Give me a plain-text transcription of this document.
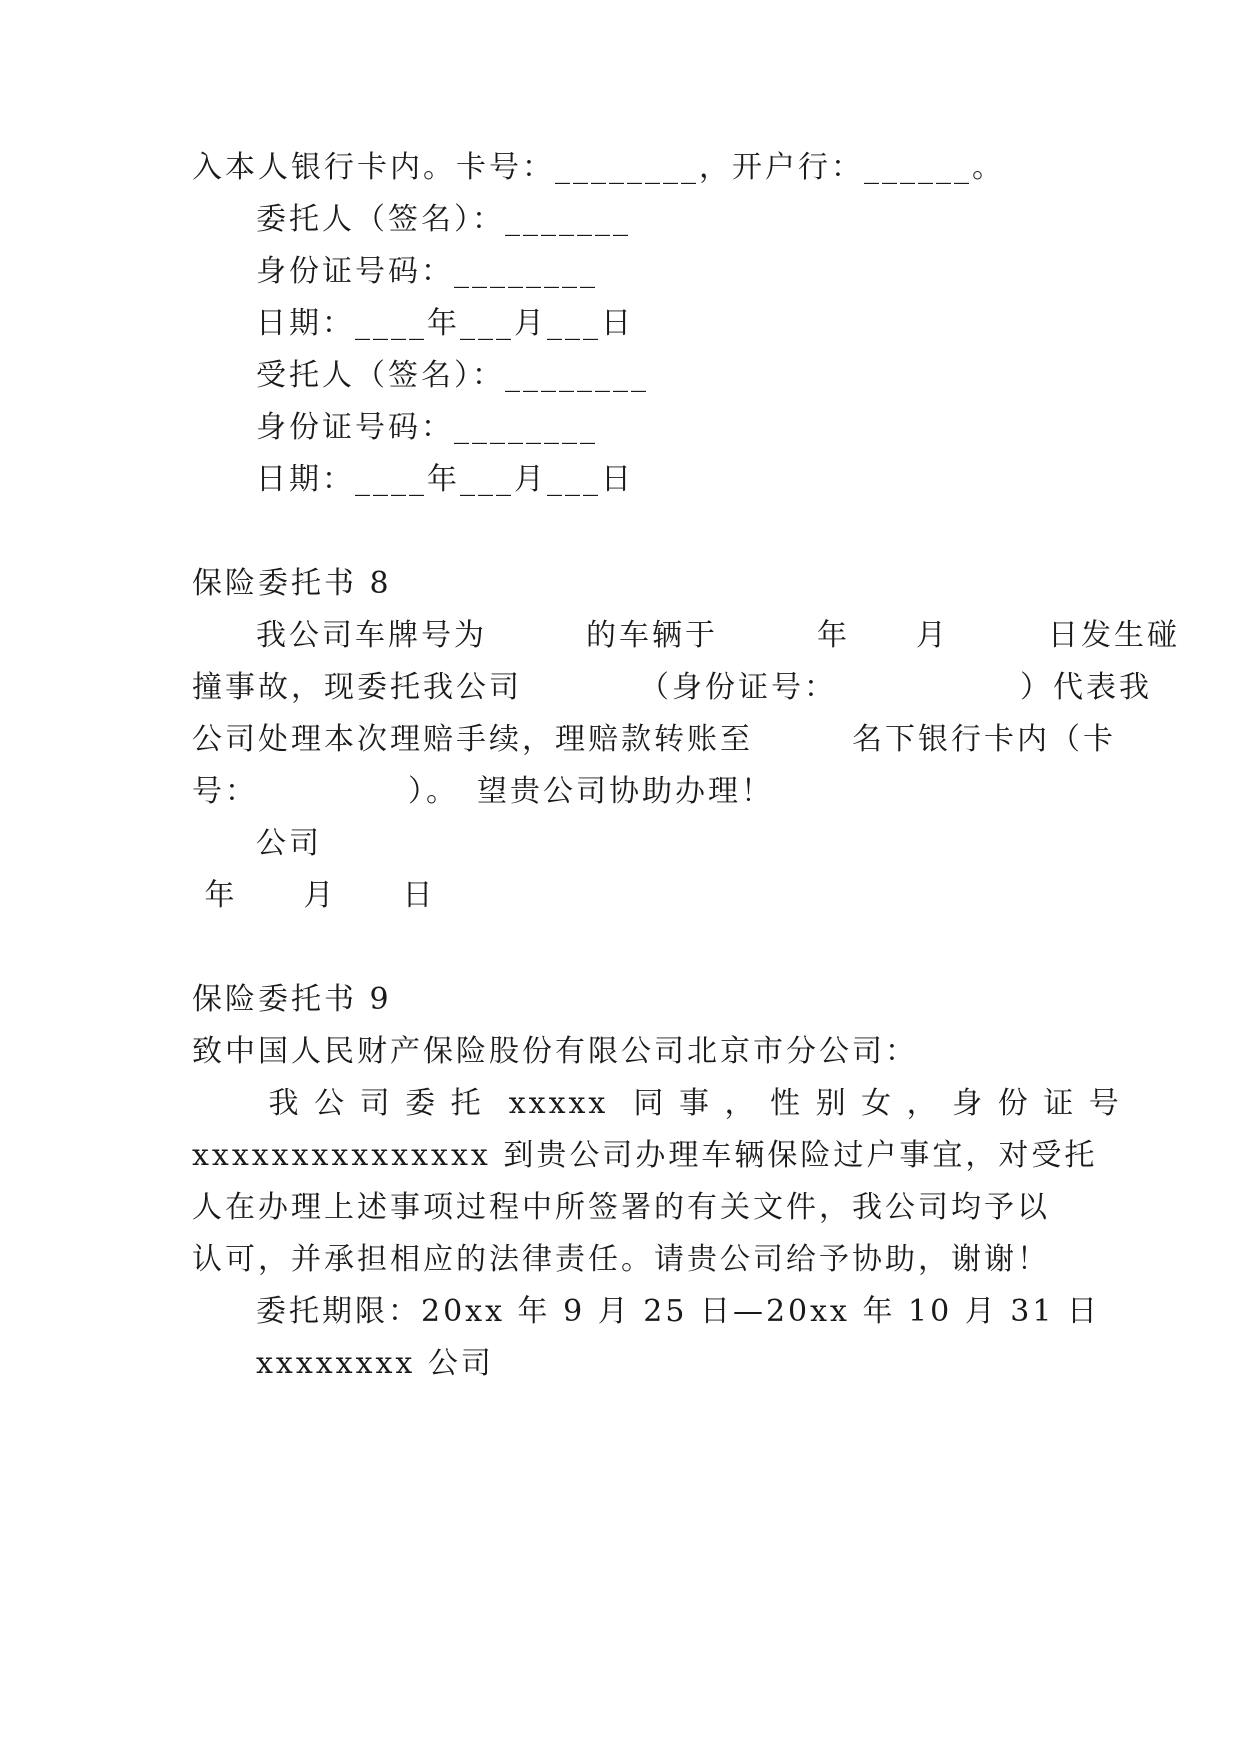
入本人银行卡内。卡号：________，开户行：______。
委托人（签名）：_______
身份证号码：________
日期：____年___月___日
受托人（签名）：________
身份证号码：________
日期：____年___月___日
保险委托书 8
我公司车牌号为　　　的车辆于　　　年　　月　　　日发生碰
撞事故，现委托我公司　　　　（身份证号：　　　　　　）代表我
公司处理本次理赔手续，理赔款转账至　　　名下银行卡内（卡
号：　　　　　）。　望贵公司协助办理！
公司
年　　月　　日
保险委托书 9
致中国人民财产保险股份有限公司北京市分公司：
我 公 司 委 托  xxxxx  同 事 ， 性 别 女 ， 身 份 证 号
xxxxxxxxxxxxxxx 到贵公司办理车辆保险过户事宜，对受托
人在办理上述事项过程中所签署的有关文件，我公司均予以
认可，并承担相应的法律责任。请贵公司给予协助，谢谢！
委托期限：20xx 年 9 月 25 日—20xx 年 10 月 31 日
xxxxxxxx 公司
